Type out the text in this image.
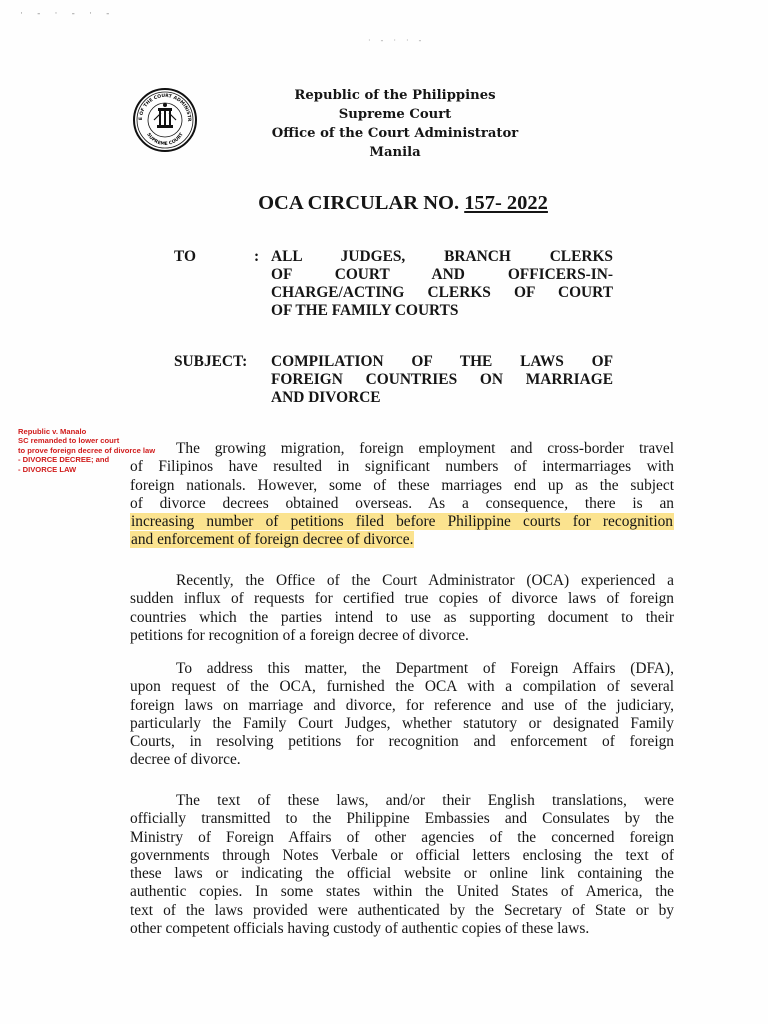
· - · - · -
· - · · -
E OF THE COURT ADMINISTR
SUPREME COURT
Republic of the Philippines
Supreme Court
Office of the Court Administrator
Manila
OCA CIRCULAR NO. 157- 2022
TO	: ALL JUDGES, BRANCH CLERKS
OF COURT AND OFFICERS-IN-
CHARGE/ACTING CLERKS OF COURT
OF THE FAMILY COURTS
SUBJECT: COMPILATION OF THE LAWS OF
FOREIGN COUNTRIES ON MARRIAGE
AND DIVORCE
Republic v. Manalo
SC remanded to lower court
to prove foreign decree of divorce law
- DIVORCE DECREE; and
- DIVORCE LAW
The growing migration, foreign employment and cross-border travel
of Filipinos have resulted in significant numbers of intermarriages with
foreign nationals. However, some of these marriages end up as the subject
of divorce decrees obtained overseas. As a consequence, there is an
increasing number of petitions filed before Philippine courts for recognition
and enforcement of foreign decree of divorce.
Recently, the Office of the Court Administrator (OCA) experienced a
sudden influx of requests for certified true copies of divorce laws of foreign
countries which the parties intend to use as supporting document to their
petitions for recognition of a foreign decree of divorce.
To address this matter, the Department of Foreign Affairs (DFA),
upon request of the OCA, furnished the OCA with a compilation of several
foreign laws on marriage and divorce, for reference and use of the judiciary,
particularly the Family Court Judges, whether statutory or designated Family
Courts, in resolving petitions for recognition and enforcement of foreign
decree of divorce.
The text of these laws, and/or their English translations, were
officially transmitted to the Philippine Embassies and Consulates by the
Ministry of Foreign Affairs of other agencies of the concerned foreign
governments through Notes Verbale or official letters enclosing the text of
these laws or indicating the official website or online link containing the
authentic copies. In some states within the United States of America, the
text of the laws provided were authenticated by the Secretary of State or by
other competent officials having custody of authentic copies of these laws.
